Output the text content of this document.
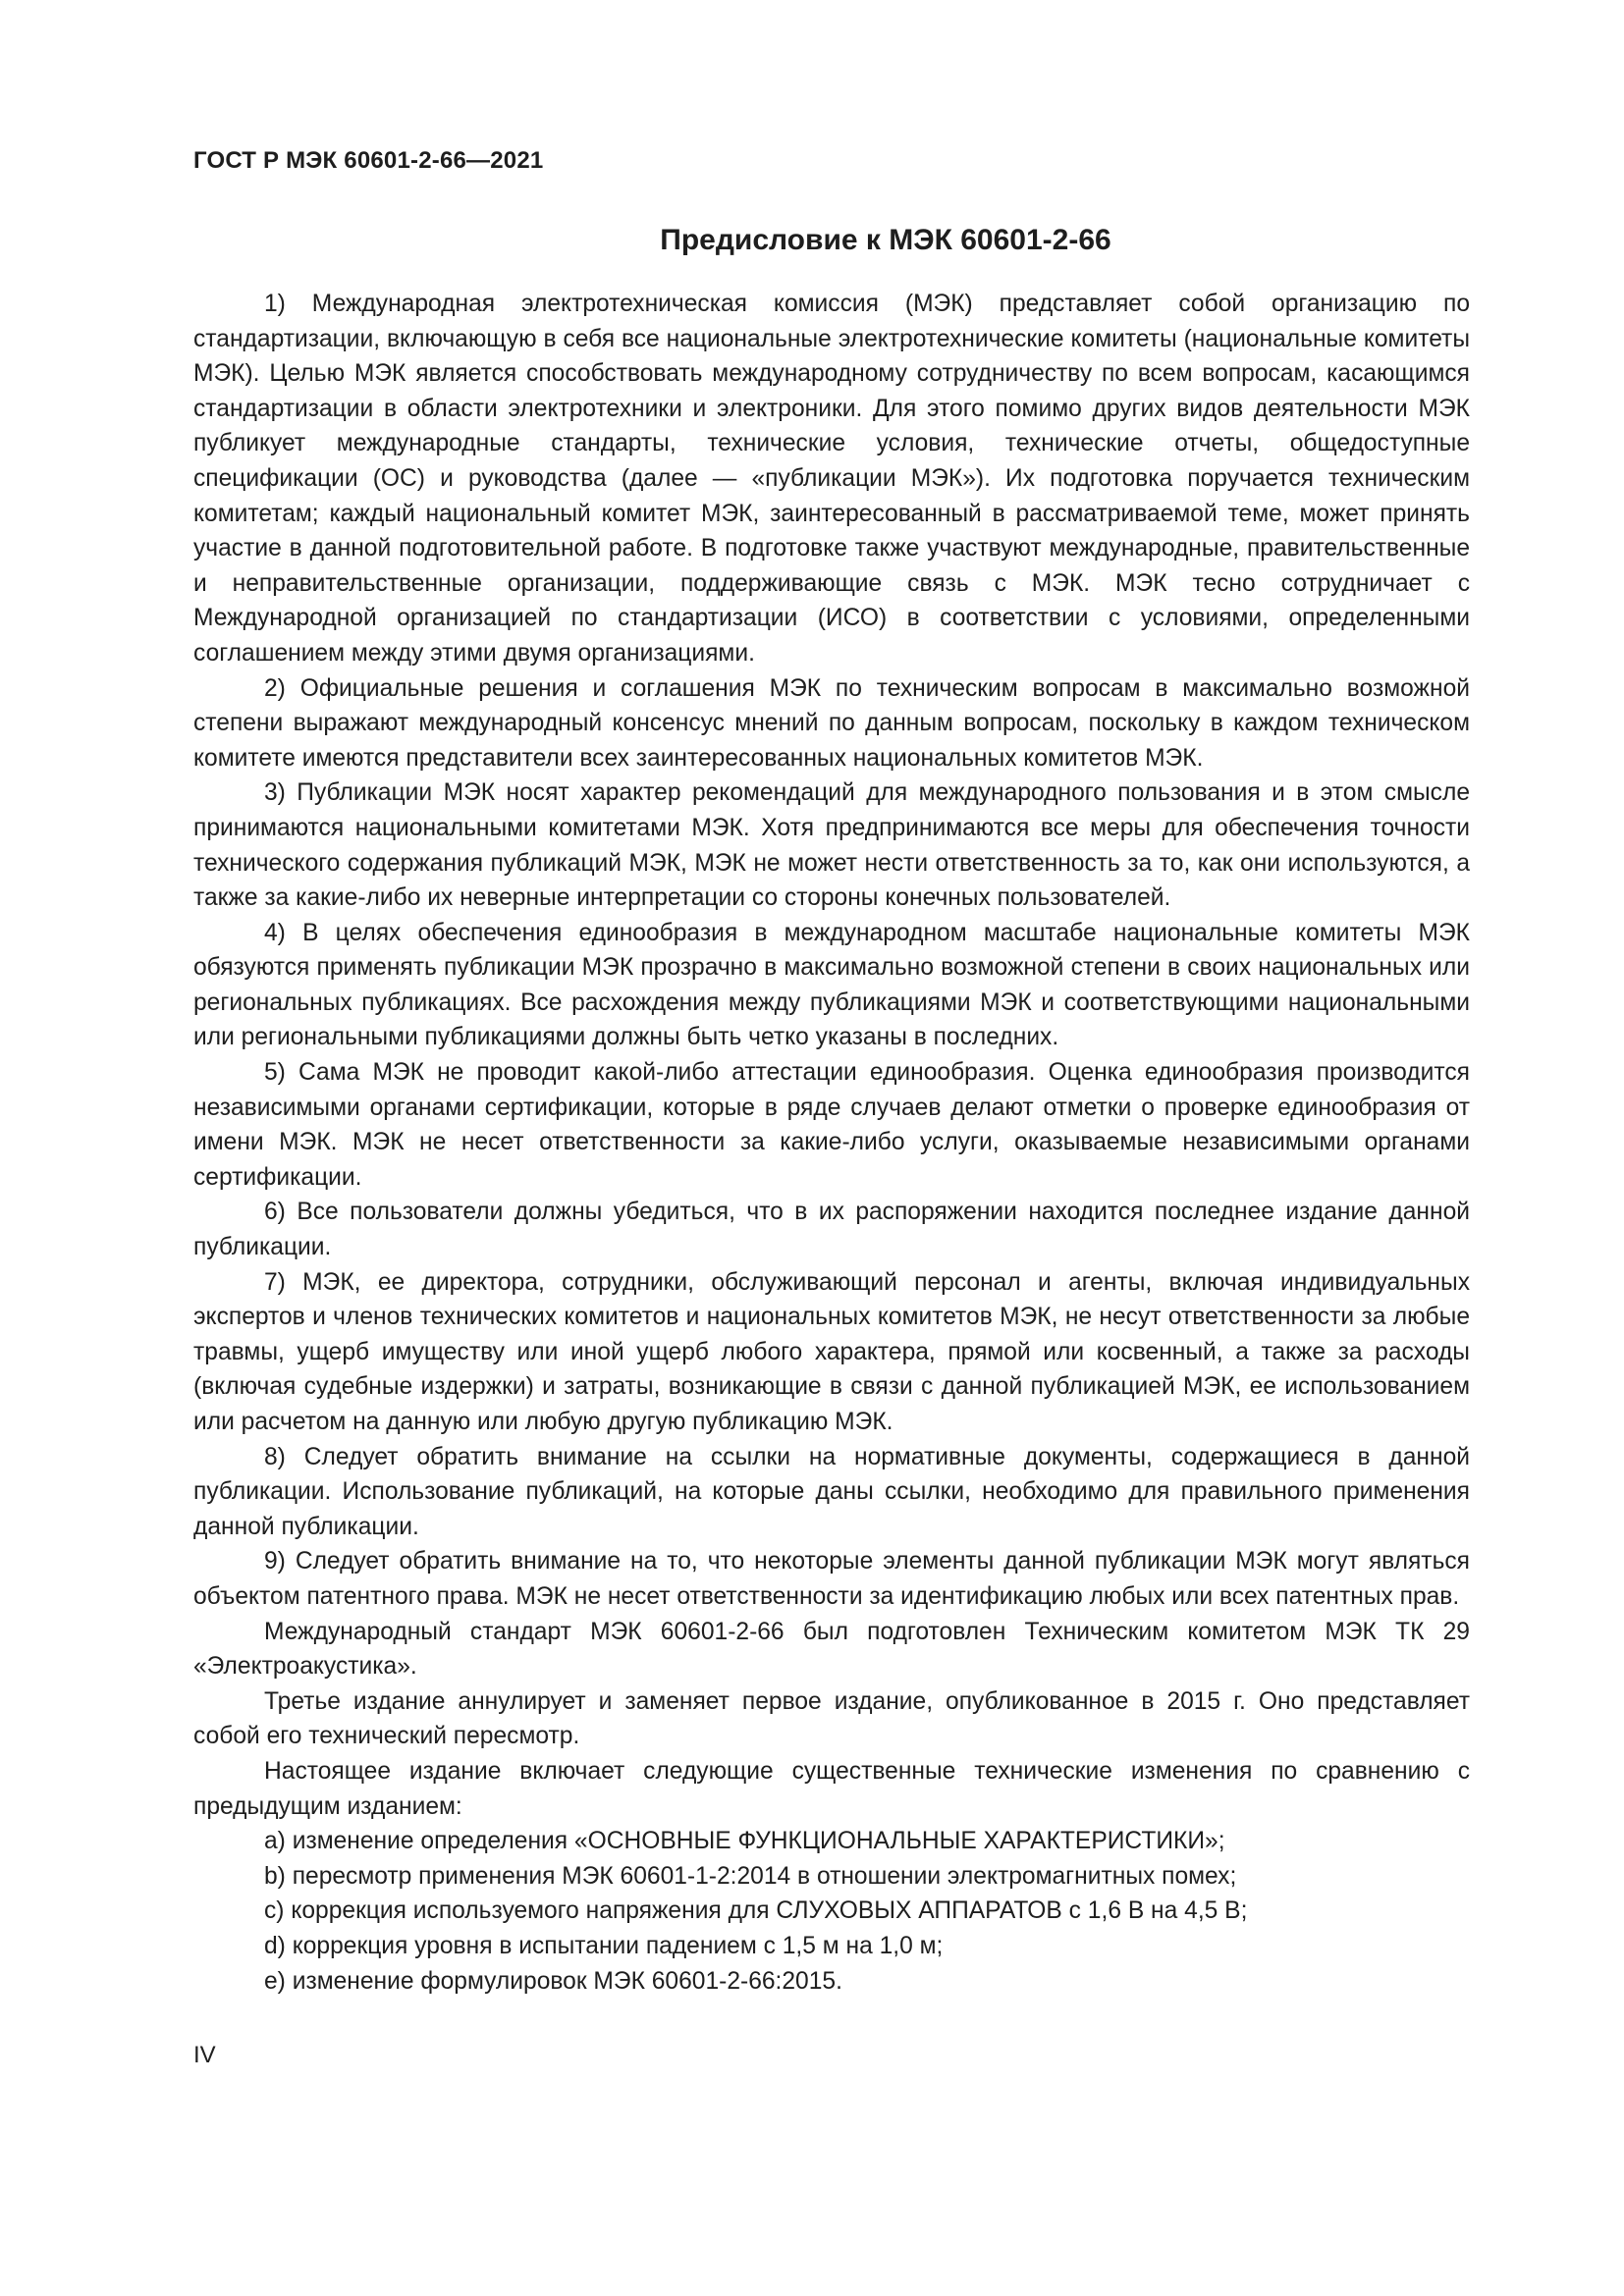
ГОСТ Р МЭК 60601-2-66—2021
Предисловие к МЭК 60601-2-66

1) Международная электротехническая комиссия (МЭК) представляет собой организацию по стандартизации, включающую в себя все национальные электротехнические комитеты (национальные комитеты МЭК). Целью МЭК является способствовать международному сотрудничеству по всем вопросам, касающимся стандартизации в области электротехники и электроники. Для этого помимо других видов деятельности МЭК публикует международные стандарты, технические условия, технические отчеты, общедоступные спецификации (ОС) и руководства (далее — «публикации МЭК»). Их подготовка поручается техническим комитетам; каждый национальный комитет МЭК, заинтересованный в рассматриваемой теме, может принять участие в данной подготовительной работе. В подготовке также участвуют международные, правительственные и неправительственные организации, поддерживающие связь с МЭК. МЭК тесно сотрудничает с Международной организацией по стандартизации (ИСО) в соответствии с условиями, определенными соглашением между этими двумя организациями.

2) Официальные решения и соглашения МЭК по техническим вопросам в максимально возможной степени выражают международный консенсус мнений по данным вопросам, поскольку в каждом техническом комитете имеются представители всех заинтересованных национальных комитетов МЭК.

3) Публикации МЭК носят характер рекомендаций для международного пользования и в этом смысле принимаются национальными комитетами МЭК. Хотя предпринимаются все меры для обеспечения точности технического содержания публикаций МЭК, МЭК не может нести ответственность за то, как они используются, а также за какие-либо их неверные интерпретации со стороны конечных пользователей.

4) В целях обеспечения единообразия в международном масштабе национальные комитеты МЭК обязуются применять публикации МЭК прозрачно в максимально возможной степени в своих национальных или региональных публикациях. Все расхождения между публикациями МЭК и соответствующими национальными или региональными публикациями должны быть четко указаны в последних.

5) Сама МЭК не проводит какой-либо аттестации единообразия. Оценка единообразия производится независимыми органами сертификации, которые в ряде случаев делают отметки о проверке единообразия от имени МЭК. МЭК не несет ответственности за какие-либо услуги, оказываемые независимыми органами сертификации.

6) Все пользователи должны убедиться, что в их распоряжении находится последнее издание данной публикации.

7) МЭК, ее директора, сотрудники, обслуживающий персонал и агенты, включая индивидуальных экспертов и членов технических комитетов и национальных комитетов МЭК, не несут ответственности за любые травмы, ущерб имуществу или иной ущерб любого характера, прямой или косвенный, а также за расходы (включая судебные издержки) и затраты, возникающие в связи с данной публикацией МЭК, ее использованием или расчетом на данную или любую другую публикацию МЭК.

8) Следует обратить внимание на ссылки на нормативные документы, содержащиеся в данной публикации. Использование публикаций, на которые даны ссылки, необходимо для правильного применения данной публикации.

9) Следует обратить внимание на то, что некоторые элементы данной публикации МЭК могут являться объектом патентного права. МЭК не несет ответственности за идентификацию любых или всех патентных прав.

Международный стандарт МЭК 60601-2-66 был подготовлен Техническим комитетом МЭК ТК 29 «Электроакустика».

Третье издание аннулирует и заменяет первое издание, опубликованное в 2015 г. Оно представляет собой его технический пересмотр.

Настоящее издание включает следующие существенные технические изменения по сравнению с предыдущим изданием:

a) изменение определения «ОСНОВНЫЕ ФУНКЦИОНАЛЬНЫЕ ХАРАКТЕРИСТИКИ»;

b) пересмотр применения МЭК 60601-1-2:2014 в отношении электромагнитных помех;

c) коррекция используемого напряжения для СЛУХОВЫХ АППАРАТОВ с 1,6 В на 4,5 В;

d) коррекция уровня в испытании падением с 1,5 м на 1,0 м;

e) изменение формулировок МЭК 60601-2-66:2015.

IV
